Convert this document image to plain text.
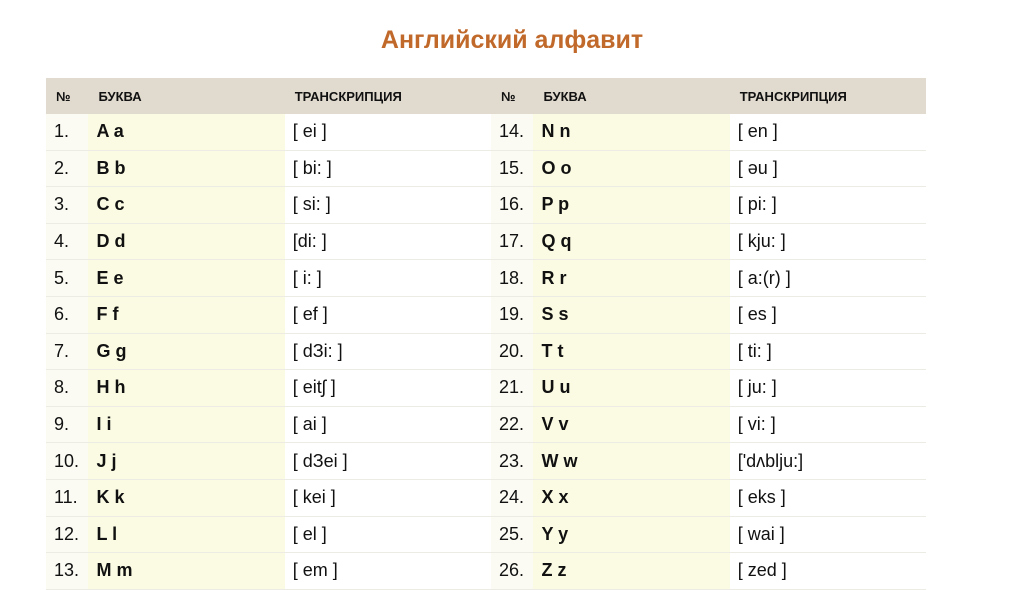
Английский алфавит
№	БУКВА	ТРАНСКРИПЦИЯ		№	БУКВА	ТРАНСКРИПЦИЯ
1.	A a	[ ei ]		14.	N n	[ en ]
2.	B b	[ bi: ]		15.	O o	[ əu ]
3.	C c	[ si: ]		16.	P p	[ pi: ]
4.	D d	[di: ]		17.	Q q	[ kju: ]
5.	E e	[ i: ]		18.	R r	[ a:(r) ]
6.	F f	[ ef ]		19.	S s	[ es ]
7.	G g	[ dЗi: ]		20.	T t	[ ti: ]
8.	H h	[ eitʃ ]		21.	U u	[ ju: ]
9.	I i	[ ai ]		22.	V v	[ vi: ]
10.	J j	[ dЗei ]		23.	W w	['dʌblju:]
11.	K k	[ kei ]		24.	X x	[ eks ]
12.	L l	[ el ]		25.	Y y	[ wai ]
13.	M m	[ em ]		26.	Z z	[ zed ]
